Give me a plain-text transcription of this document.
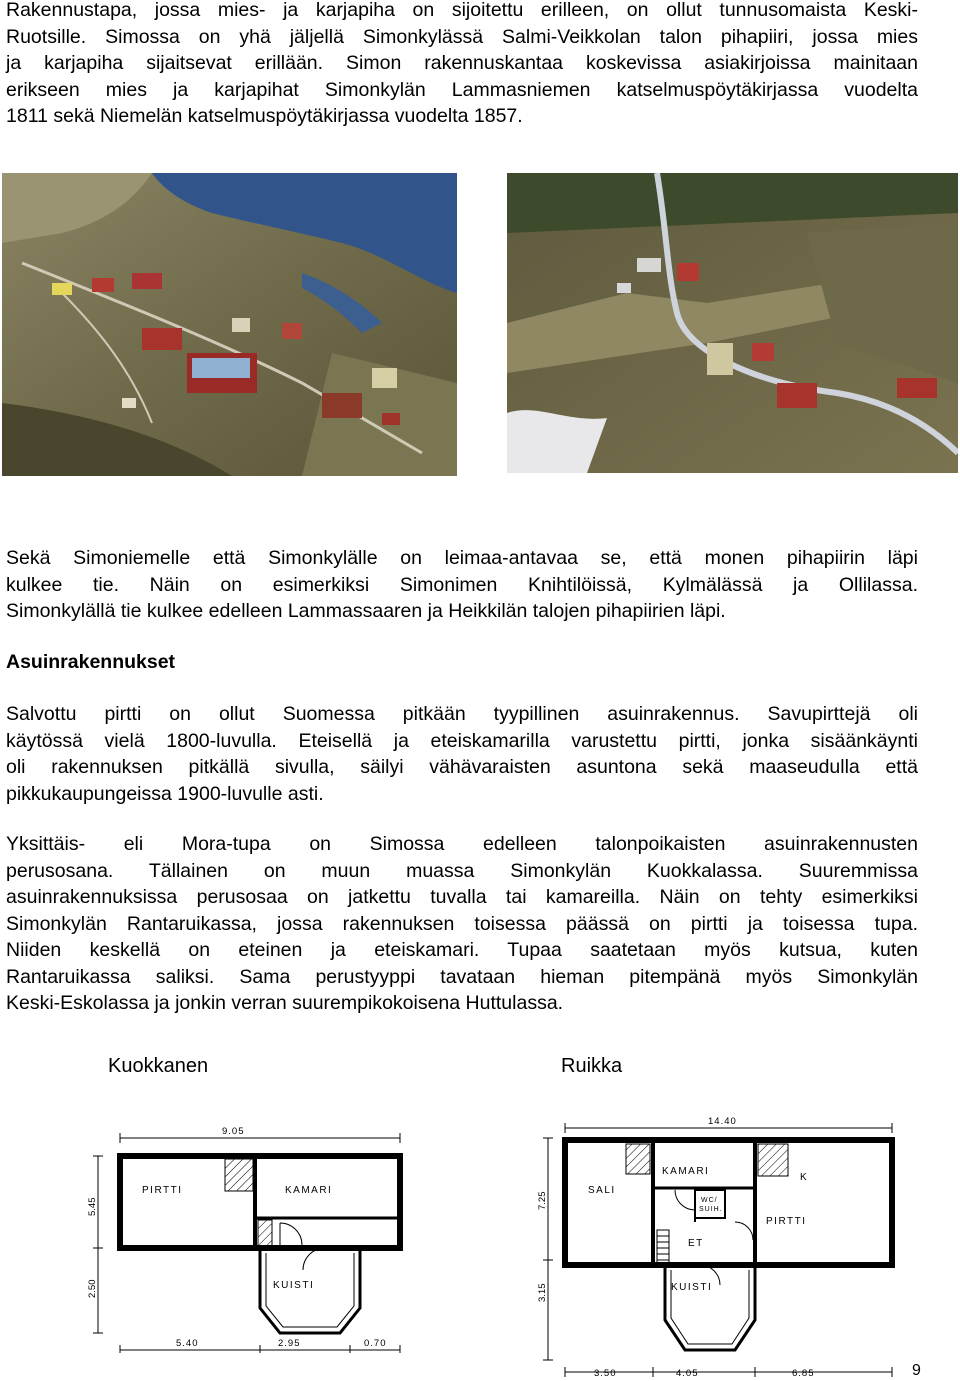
Rakennustapa, jossa mies- ja karjapiha on sijoitettu erilleen, on ollut tunnusomaista Keski-
Ruotsille. Simossa on yhä jäljellä Simonkylässä Salmi-Veikkolan talon pihapiiri, jossa mies
ja karjapiha sijaitsevat erillään. Simon rakennuskantaa koskevissa asiakirjoissa mainitaan
erikseen mies ja karjapihat Simonkylän Lammasniemen katselmuspöytäkirjassa vuodelta
1811 sekä Niemelän katselmuspöytäkirjassa vuodelta 1857.
Sekä Simoniemelle että Simonkylälle on leimaa-antavaa se, että monen pihapiirin läpi
kulkee tie. Näin on esimerkiksi Simonimen Knihtilöissä, Kylmälässä ja Ollilassa.
Simonkylällä tie kulkee edelleen Lammassaaren ja Heikkilän talojen pihapiirien läpi.
Asuinrakennukset
Salvottu pirtti on ollut Suomessa pitkään tyypillinen asuinrakennus. Savupirttejä oli
käytössä vielä 1800-luvulla. Eteisellä ja eteiskamarilla varustettu pirtti, jonka sisäänkäynti
oli rakennuksen pitkällä sivulla, säilyi vähävaraisten asuntona sekä maaseudulla että
pikkukaupungeissa 1900-luvulle asti.
Yksittäis- eli Mora-tupa on Simossa edelleen talonpoikaisten asuinrakennusten
perusosana. Tällainen on muun muassa Simonkylän Kuokkalassa. Suuremmissa
asuinrakennuksissa perusosaa on jatkettu tuvalla tai kamareilla. Näin on tehty esimerkiksi
Simonkylän Rantaruikassa, jossa rakennuksen toisessa päässä on pirtti ja toisessa tupa.
Niiden keskellä on eteinen ja eteiskamari. Tupaa saatetaan myös kutsua, kuten
Rantaruikassa saliksi. Sama perustyyppi tavataan hieman pitempänä myös Simonkylän
Keski-Eskolassa ja jonkin verran suurempikokoisena Huttulassa.
Kuokkanen	Ruikka
9.05
5.45
2.50
PIRTTI	KAMARI
KUISTI
5.40	2.95	0.70
14.40
7.25
3.15
KAMARI
K
SALI
WC/
SUIH.
PIRTTI
ET
KUISTI
3.50	4.05	6.85	9
